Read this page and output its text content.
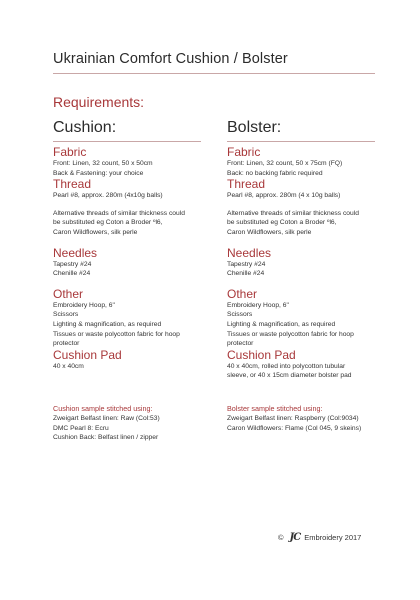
Ukrainian Comfort Cushion / Bolster
Requirements:

Cushion:

Fabric

Front: Linen, 32 count, 50 x 50cm

Back & Fastening: your choice

Thread

Pearl #8, approx. 280m (4x10g balls)

Alternative threads of similar thickness could

be substituted eg Coton a Broder ºl6,

Caron Wildflowers, silk perle

Needles

Tapestry #24

Chenille #24

Other

Embroidery Hoop, 6"

Scissors

Lighting & magnification, as required

Tissues or waste polycotton fabric for hoop

protector

Cushion Pad

40 x 40cm

Bolster:

Fabric

Front: Linen, 32 count, 50 x 75cm (FQ)

Back: no backing fabric required

Thread

Pearl #8, approx. 280m (4 x 10g balls)

Alternative threads of similar thickness could

be substituted eg Coton a Broder ºl6,

Caron Wildflowers, silk perle

Needles

Tapestry #24

Chenille #24

Other

Embroidery Hoop, 6"

Scissors

Lighting & magnification, as required

Tissues or waste polycotton fabric for hoop

protector

Cushion Pad

40 x 40cm, rolled into polycotton tubular

sleeve, or 40 x 15cm diameter bolster pad

Cushion sample stitched using:

Zweigart Belfast linen: Raw (Col:53)

DMC Pearl 8: Ecru

Cushion Back: Belfast linen / zipper

Bolster sample stitched using:

Zweigart Belfast linen: Raspberry (Col:9034)

Caron Wildflowers: Flame (Col 045, 9 skeins)

© JC Embroidery 2017
